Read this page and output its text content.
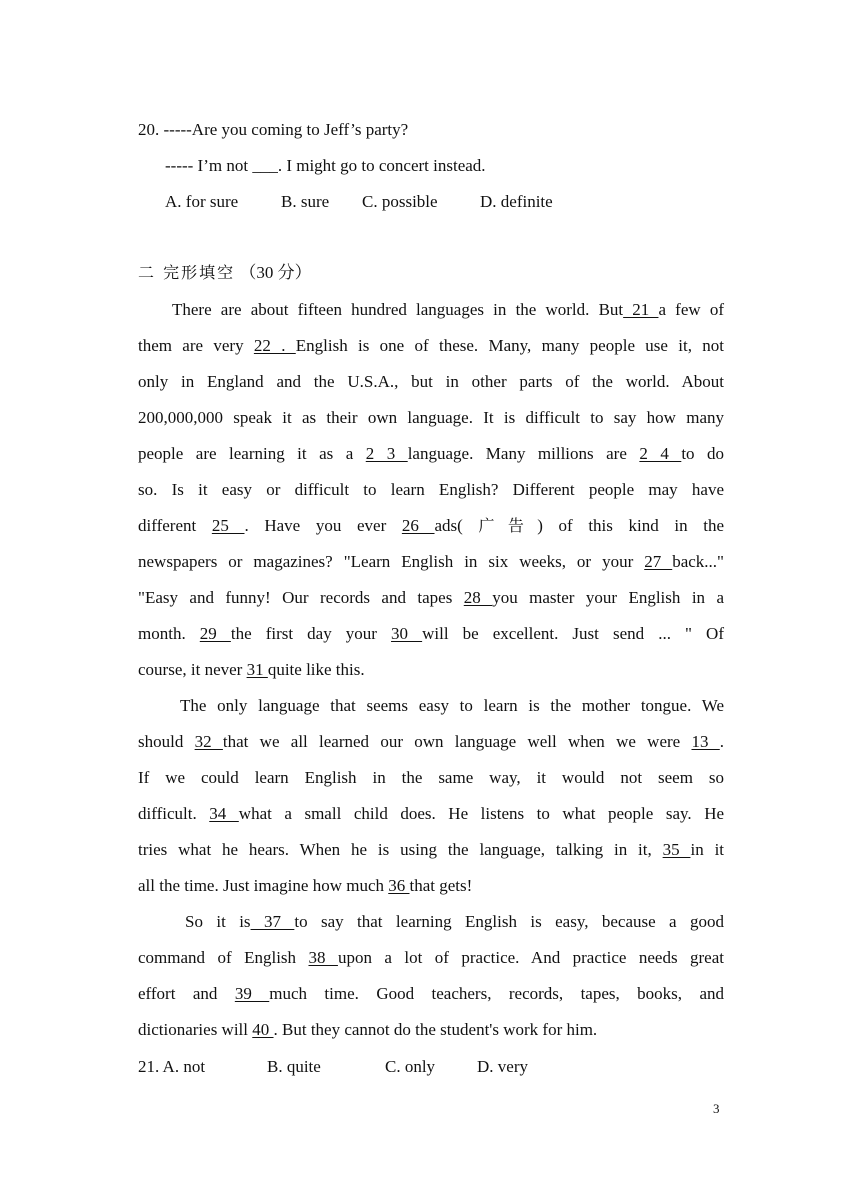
20. -----Are you coming to Jeff’s party?
----- I’m not ___. I might go to concert instead.
A. for sure	B. sure C. possible D. definite
二 完形填空 （30 分）
There are about fifteen hundred languages in the world. But 21 a few of
them are very 22 . English is one of these. Many, many people use it, not
only in England and the U.S.A., but in other parts of the world. About
200,000,000 speak it as their own language. It is difficult to say how many
people are learning it as a 2 3 language. Many millions are 2 4 to do
so. Is it easy or difficult to learn English? Different people may have
different 25 . Have you ever 26 ads( 广告) of this kind in the
newspapers or magazines? "Learn English in six weeks, or your 27 back..."
"Easy and funny! Our records and tapes 28 you master your English in a
month. 29 the first day your 30 will be excellent. Just send ... " Of
course, it never 31 quite like this.
The only language that seems easy to learn is the mother tongue. We
should 32 that we all learned our own language well when we were 13 .
If we could learn English in the same way, it would not seem so
difficult. 34 what a small child does. He listens to what people say. He
tries what he hears. When he is using the language, talking in it, 35 in it
all the time. Just imagine how much 36 that gets!
So it is 37 to say that learning English is easy, because a good
command of English 38 upon a lot of practice. And practice needs great
effort and 39 much time. Good teachers, records, tapes, books, and
dictionaries will 40 . But they cannot do the student's work for him.
21. A. not	B. quite	C. only D. very
3
